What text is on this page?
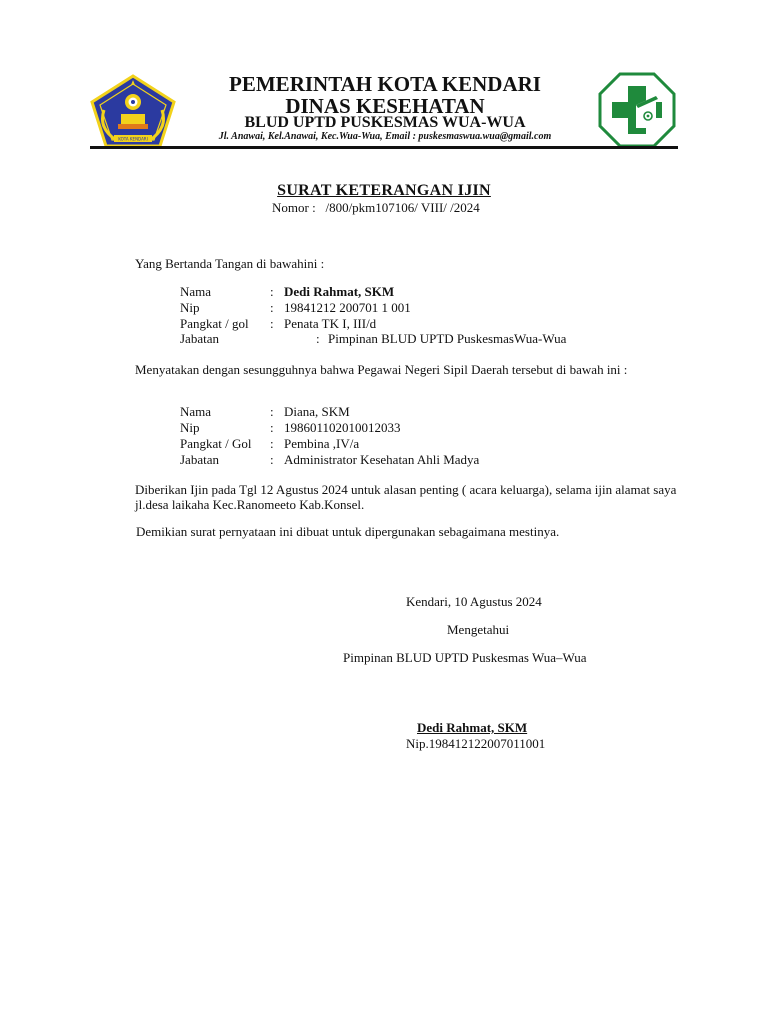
KOTA KENDARI
PEMERINTAH KOTA KENDARI
DINAS KESEHATAN
BLUD UPTD PUSKESMAS WUA-WUA
Jl. Anawai, Kel.Anawai, Kec.Wua-Wua, Email : puskesmaswua.wua@gmail.com
SURAT KETERANGAN IJIN
Nomor : /800/pkm107106/ VIII/ /2024
Yang Bertanda Tangan di bawahini :
Nama	: Dedi Rahmat, SKM
Nip	: 19841212 200701 1 001
Pangkat / gol : Penata TK I, III/d
Jabatan	: Pimpinan BLUD UPTD PuskesmasWua-Wua
Menyatakan dengan sesungguhnya bahwa Pegawai Negeri Sipil Daerah tersebut di bawah ini :
Nama	: Diana, SKM
Nip	: 198601102010012033
Pangkat / Gol : Pembina ,IV/a
Jabatan	: Administrator Kesehatan Ahli Madya
Diberikan Ijin pada Tgl 12 Agustus 2024 untuk alasan penting ( acara keluarga), selama ijin alamat saya jl.desa laikaha Kec.Ranomeeto Kab.Konsel.
Demikian surat pernyataan ini dibuat untuk dipergunakan sebagaimana mestinya.
Kendari, 10 Agustus 2024
Mengetahui
Pimpinan BLUD UPTD Puskesmas Wua–Wua
Dedi Rahmat, SKM
Nip.198412122007011001
